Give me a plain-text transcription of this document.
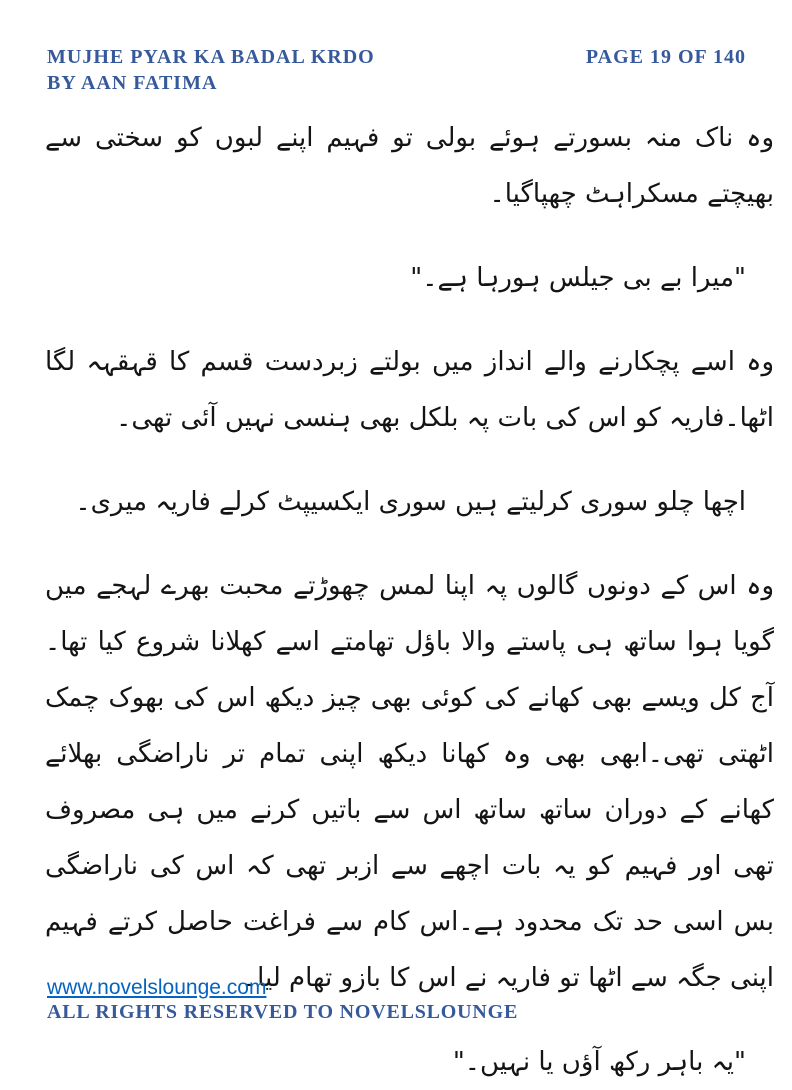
MUJHE PYAR KA BADAL KRDO
BY AAN FATIMA
PAGE 19 OF 140

وہ ناک منہ بسورتے ہوئے بولی تو فہیم اپنے لبوں کو سختی سے بھیچتے مسکراہٹ چھپاگیا۔

"میرا بے بی جیلس ہورہا ہے۔"

وہ اسے پچکارنے والے انداز میں بولتے زبردست قسم کا قہقہہ لگا اٹھا۔فاریہ کو اس کی بات پہ بلکل بھی ہنسی نہیں آئی تھی۔

اچھا چلو سوری کرلیتے ہیں سوری ایکسیپٹ کرلے فاریہ میری۔

وہ اس کے دونوں گالوں پہ اپنا لمس چھوڑتے محبت بھرے لہجے میں گویا ہوا ساتھ ہی پاستے والا باؤل تھامتے اسے کھلانا شروع کیا تھا۔آج کل ویسے بھی کھانے کی کوئی بھی چیز دیکھ اس کی بھوک چمک اٹھتی تھی۔ابھی بھی وہ کھانا دیکھ اپنی تمام تر ناراضگی بھلائے کھانے کے دوران ساتھ ساتھ اس سے باتیں کرنے میں ہی مصروف تھی اور فہیم کو یہ بات اچھے سے ازبر تھی کہ اس کی ناراضگی بس اسی حد تک محدود ہے۔اس کام سے فراغت حاصل کرتے فہیم اپنی جگہ سے اٹھا تو فاریہ نے اس کا بازو تھام لیا۔

"یہ باہر رکھ آؤں یا نہیں۔"

www.novelslounge.com
ALL RIGHTS RESERVED TO NOVELSLOUNGE
